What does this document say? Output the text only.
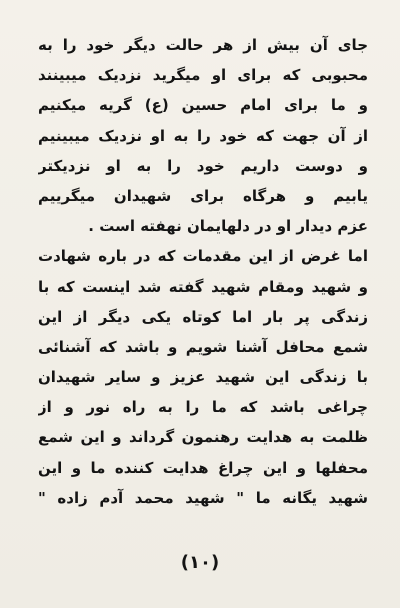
جای آن بیش از هر حالت دیگر خود را به
محبوبی که برای او میگرید نزدیک میبینند
و ما برای امام حسین (ع) گریه میکنیم
از آن جهت که خود را به او نزدیک میبینیم
و دوست داریم خود را به او نزدیکتر
یابیم و هرگاه برای شهیدان میگرییم
عزم دیدار او در دلهایمان نهفته است .
اما غرض از این مقدمات که در باره شهادت
و شهید ومقام شهید گفته شد اینست که با
زندگی پر بار اما کوتاه یکی دیگر از این
شمع محافل آشنا شویم و باشد که آشنائی
با زندگی این شهید عزیز و سایر شهیدان
چراغی باشد که ما را به راه نور و از
ظلمت به هدایت رهنمون گرداند و این شمع
محفلها و این چراغ هدایت کننده ما و این
شهید یگانه ما " شهید محمد آدم زاده "
(١٠)
